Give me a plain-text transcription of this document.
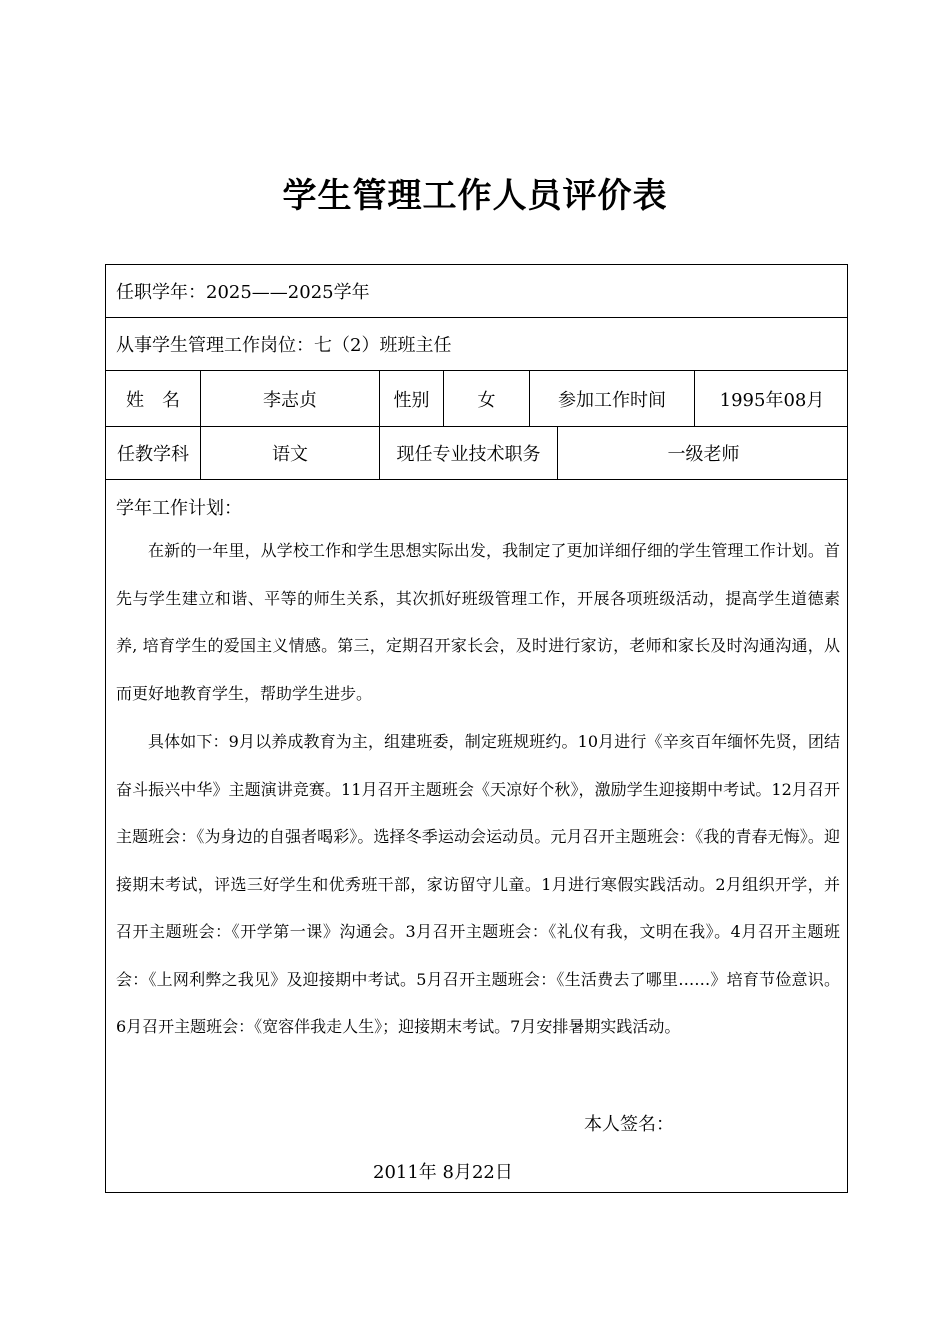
学生管理工作人员评价表
任职学年：2025——2025学年
从事学生管理工作岗位：七（2）班班主任
姓　名	李志贞	性别	女	参加工作时间	1995年08月
任教学科	语文	现任专业技术职务	一级老师
学年工作计划：
在新的一年里，从学校工作和学生思想实际出发，我制定了更加详细仔细的学生管理工作计划。首先与学生建立和谐、平等的师生关系，其次抓好班级管理工作，开展各项班级活动，提高学生道德素养, 培育学生的爱国主义情感。第三，定期召开家长会，及时进行家访，老师和家长及时沟通沟通，从而更好地教育学生，帮助学生进步。
具体如下：9月以养成教育为主，组建班委，制定班规班约。10月进行《辛亥百年缅怀先贤，团结奋斗振兴中华》主题演讲竞赛。11月召开主题班会《天凉好个秋》，激励学生迎接期中考试。12月召开主题班会：《为身边的自强者喝彩》。选择冬季运动会运动员。元月召开主题班会：《我的青春无悔》。迎接期末考试，评选三好学生和优秀班干部，家访留守儿童。1月进行寒假实践活动。2月组织开学，并召开主题班会：《开学第一课》沟通会。3月召开主题班会：《礼仪有我，文明在我》。4月召开主题班会：《上网利弊之我见》及迎接期中考试。5月召开主题班会：《生活费去了哪里……》培育节俭意识。6月召开主题班会：《宽容伴我走人生》；迎接期末考试。7月安排暑期实践活动。
本人签名：
2011年 8月22日
